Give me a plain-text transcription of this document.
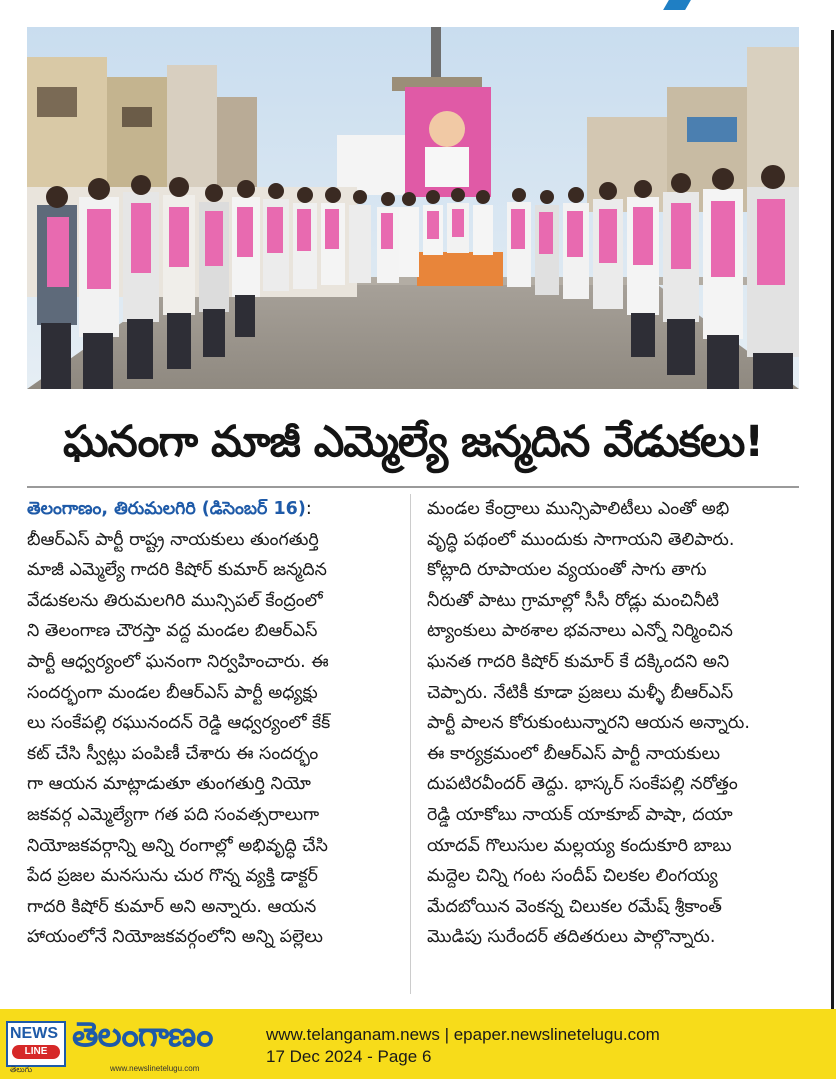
ఘనంగా మాజీ ఎమ్మెల్యే జన్మదిన వేడుకలు!
తెలంగాణం, తిరుమలగిరి (డిసెంబర్ 16):
బీఆర్ఎస్ పార్టీ రాష్ట్ర నాయకులు తుంగతుర్తి
మాజీ ఎమ్మెల్యే గాదరి కిషోర్ కుమార్ జన్మదిన
వేడుకలను తిరుమలగిరి మున్సిపల్ కేంద్రంలో
ని తెలంగాణ చౌరస్తా వద్ద మండల బిఆర్ఎస్
పార్టీ ఆధ్వర్యంలో ఘనంగా నిర్వహించారు. ఈ
సందర్భంగా మండల బీఆర్ఎస్ పార్టీ అధ్యక్షు
లు సంకేపల్లి రఘునందన్ రెడ్డి ఆధ్వర్యంలో కేక్
కట్ చేసి స్వీట్లు పంపిణీ చేశారు ఈ సందర్భం
గా ఆయన మాట్లాడుతూ తుంగతుర్తి నియో
జకవర్గ ఎమ్మెల్యేగా గత పది సంవత్సరాలుగా
నియోజకవర్గాన్ని అన్ని రంగాల్లో అభివృద్ధి చేసి
పేద ప్రజల మనసును చుర గొన్న వ్యక్తి డాక్టర్
గాదరి కిషోర్ కుమార్ అని అన్నారు. ఆయన
హాయంలోనే నియోజకవర్గంలోని అన్ని పల్లెలు
మండల కేంద్రాలు మున్సిపాలిటీలు ఎంతో అభి
వృద్ధి పథంలో ముందుకు సాగాయని తెలిపారు.
కోట్లాది రూపాయల వ్యయంతో సాగు తాగు
నీరుతో పాటు గ్రామాల్లో సీసీ రోడ్లు మంచినీటి
ట్యాంకులు పాఠశాల భవనాలు ఎన్నో నిర్మించిన
ఘనత గాదరి కిషోర్ కుమార్ కే దక్కిందని అని
చెప్పారు. నేటికీ కూడా ప్రజలు మళ్ళీ బీఆర్ఎస్
పార్టీ పాలన కోరుకుంటున్నారని ఆయన అన్నారు.
ఈ కార్యక్రమంలో బీఆర్ఎస్ పార్టీ నాయకులు
దుపటిరవీందర్ తెద్దు. భాస్కర్ సంకేపల్లి నరోత్తం
రెడ్డి యాకోబు నాయక్ యాకూబ్ పాషా, దయా
యాదవ్ గొలుసుల మల్లయ్య కందుకూరి బాబు
మద్దెల చిన్ని గంట సందీప్ చిలకల లింగయ్య
మేదబోయిన వెంకన్న చిలుకల రమేష్ శ్రీకాంత్
మొడిపు సురేందర్ తదితరులు పాల్గొన్నారు.
NEWS
LINE
తెలుగు
తెలంగాణం
www.newslinetelugu.com
www.telanganam.news | epaper.newslinetelugu.com
17 Dec 2024 - Page 6
